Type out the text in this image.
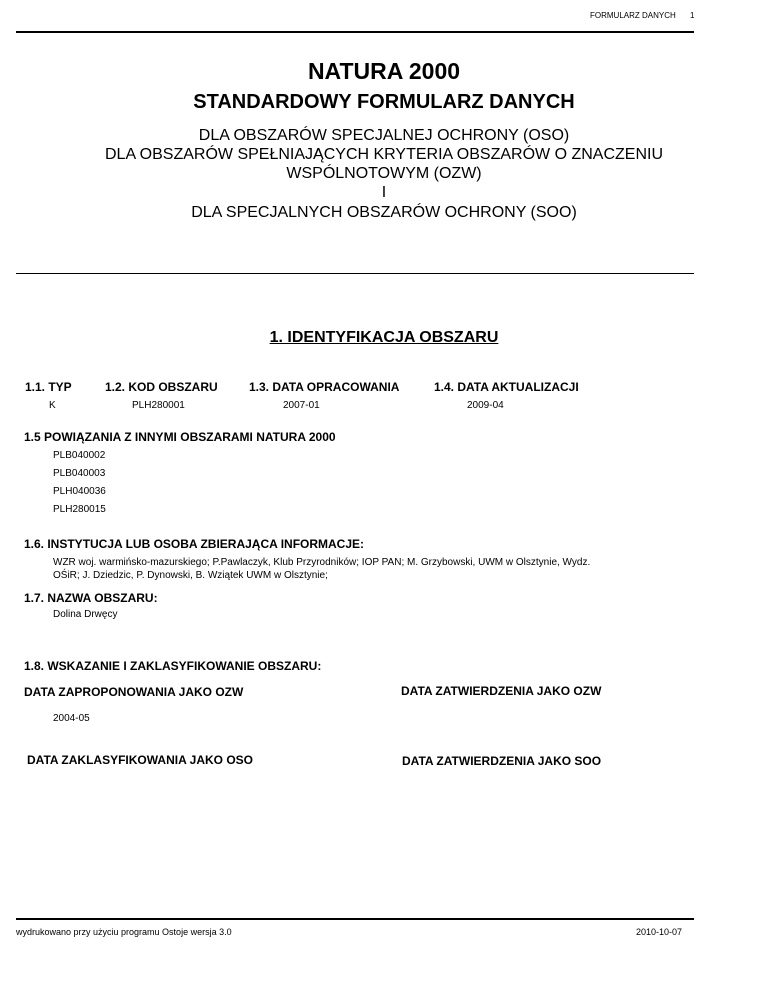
FORMULARZ DANYCH 1
NATURA 2000
STANDARDOWY FORMULARZ DANYCH
DLA OBSZARÓW SPECJALNEJ OCHRONY (OSO)
DLA OBSZARÓW SPEŁNIAJĄCYCH KRYTERIA OBSZARÓW O ZNACZENIU
WSPÓLNOTOWYM (OZW)
I
DLA SPECJALNYCH OBSZARÓW OCHRONY (SOO)
1. IDENTYFIKACJA OBSZARU
1.1. TYP
K
1.2. KOD OBSZARU
PLH280001
1.3. DATA OPRACOWANIA
2007-01
1.4. DATA AKTUALIZACJI
2009-04
1.5 POWIĄZANIA Z INNYMI OBSZARAMI NATURA 2000
PLB040002
PLB040003
PLH040036
PLH280015
1.6. INSTYTUCJA LUB OSOBA ZBIERAJĄCA INFORMACJE:
WZR woj. warmińsko-mazurskiego; P.Pawlaczyk, Klub Przyrodników; IOP PAN; M. Grzybowski, UWM w Olsztynie, Wydz.
OŚiR; J. Dziedzic, P. Dynowski, B. Wziątek UWM w Olsztynie;
1.7. NAZWA OBSZARU:
Dolina Drwęcy
1.8. WSKAZANIE I ZAKLASYFIKOWANIE OBSZARU:
DATA ZAPROPONOWANIA JAKO OZW	DATA ZATWIERDZENIA JAKO OZW
2004-05
DATA ZAKLASYFIKOWANIA JAKO OSO	DATA ZATWIERDZENIA JAKO SOO
wydrukowano przy użyciu programu Ostoje wersja 3.0	2010-10-07
